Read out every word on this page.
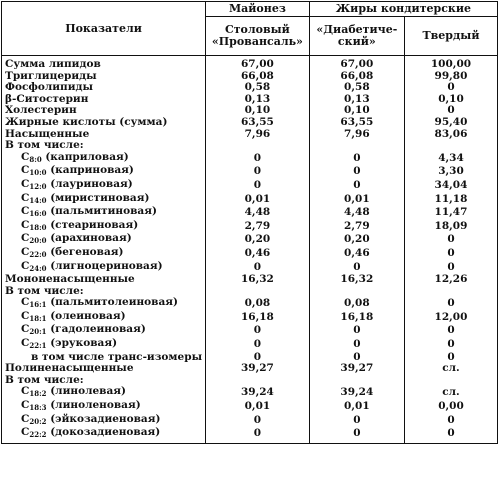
Показатели	Майонез	Жиры кондитерские	
	Столовый «Провансаль»	«Диабетиче-ский»	Твердый
Сумма липидов	67,00	67,00	100,00
Триглицериды	66,08	66,08	99,80
Фосфолипиды	0,58	0,58	0
β-Ситостерин	0,13	0,13	0,10
Холестерин	0,10	0,10	0
Жирные кислоты (сумма)	63,55	63,55	95,40
Насыщенные	7,96	7,96	83,06
В том числе:			
$C_{8:0}$ (каприловая)	0	0	4,34
$C_{10:0}$ (каприновая)	0	0	3,30
$C_{12:0}$ (лауриновая)	0	0	34,04
$C_{14:0}$ (миристиновая)	0,01	0,01	11,18
$C_{16:0}$ (пальмитиновая)	4,48	4,48	11,47
$C_{18:0}$ (стеариновая)	2,79	2,79	18,09
$C_{20:0}$ (арахиновая)	0,20	0,20	0
$C_{22:0}$ (бегеновая)	0,46	0,46	0
$C_{24:0}$ (лигноцериновая)	0	0	0
Мононенасыщенные	16,32	16,32	12,26
В том числе:			
$C_{16:1}$ (пальмитолеиновая)	0,08	0,08	0
$C_{18:1}$ (олеиновая)	16,18	16,18	12,00
$C_{20:1}$ (гадолеиновая)	0	0	0
$C_{22:1}$ (эруковая)	0	0	0
в том числе транс-изомеры	0	0	0
Полиненасыщенные	39,27	39,27	сл.
В том числе:			
$C_{18:2}$ (линолевая)	39,24	39,24	сл.
$C_{18:3}$ (линоленовая)	0,01	0,01	0,00
$C_{20:2}$ (эйкозадиеновая)	0	0	0
$C_{22:2}$ (докозадиеновая)	0	0	0
